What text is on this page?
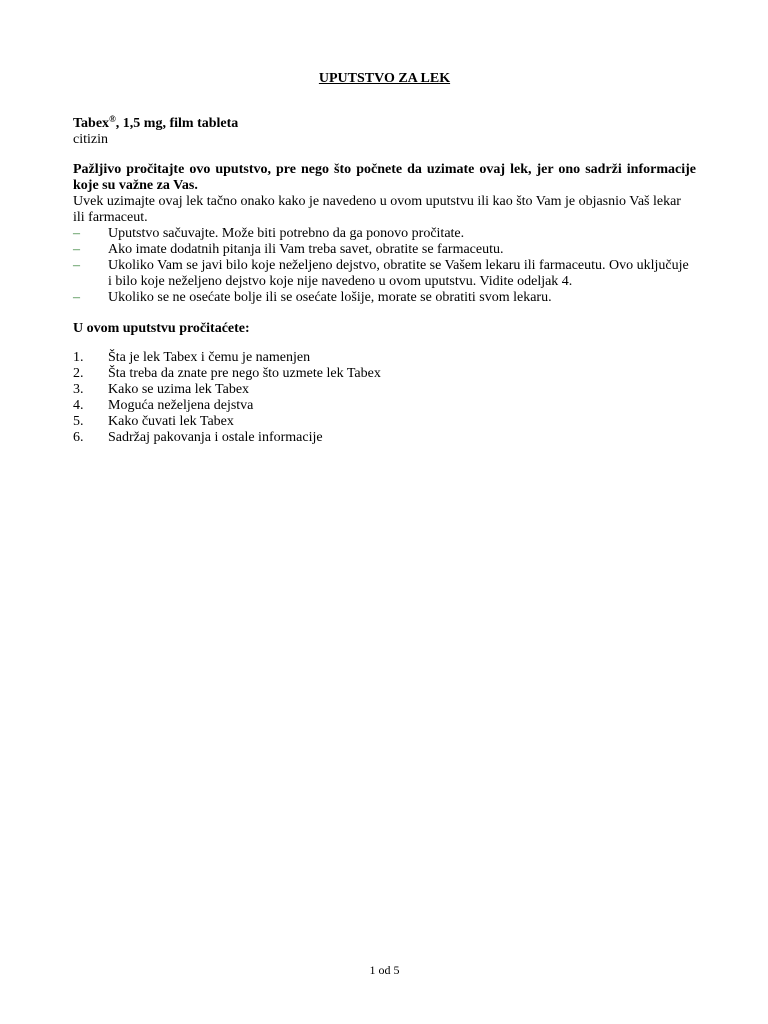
UPUTSTVO ZA LEK
Tabex®, 1,5 mg, film tableta
citizin
Pažljivo pročitajte ovo uputstvo, pre nego što počnete da uzimate ovaj lek, jer ono sadrži informacije koje su važne za Vas.
Uvek uzimajte ovaj lek tačno onako kako je navedeno u ovom uputstvu ili kao što Vam je objasnio Vaš lekar ili farmaceut.
– Uputstvo sačuvajte. Može biti potrebno da ga ponovo pročitate.
– Ako imate dodatnih pitanja ili Vam treba savet, obratite se farmaceutu.
– Ukoliko Vam se javi bilo koje neželjeno dejstvo, obratite se Vašem lekaru ili farmaceutu. Ovo uključuje i bilo koje neželjeno dejstvo koje nije navedeno u ovom uputstvu. Vidite odeljak 4.
– Ukoliko se ne osećate bolje ili se osećate lošije, morate se obratiti svom lekaru.
U ovom uputstvu pročitaćete:
1. Šta je lek Tabex i čemu je namenjen
2. Šta treba da znate pre nego što uzmete lek Tabex
3. Kako se uzima lek Tabex
4. Moguća neželjena dejstva
5. Kako čuvati lek Tabex
6. Sadržaj pakovanja i ostale informacije
1 od 5
